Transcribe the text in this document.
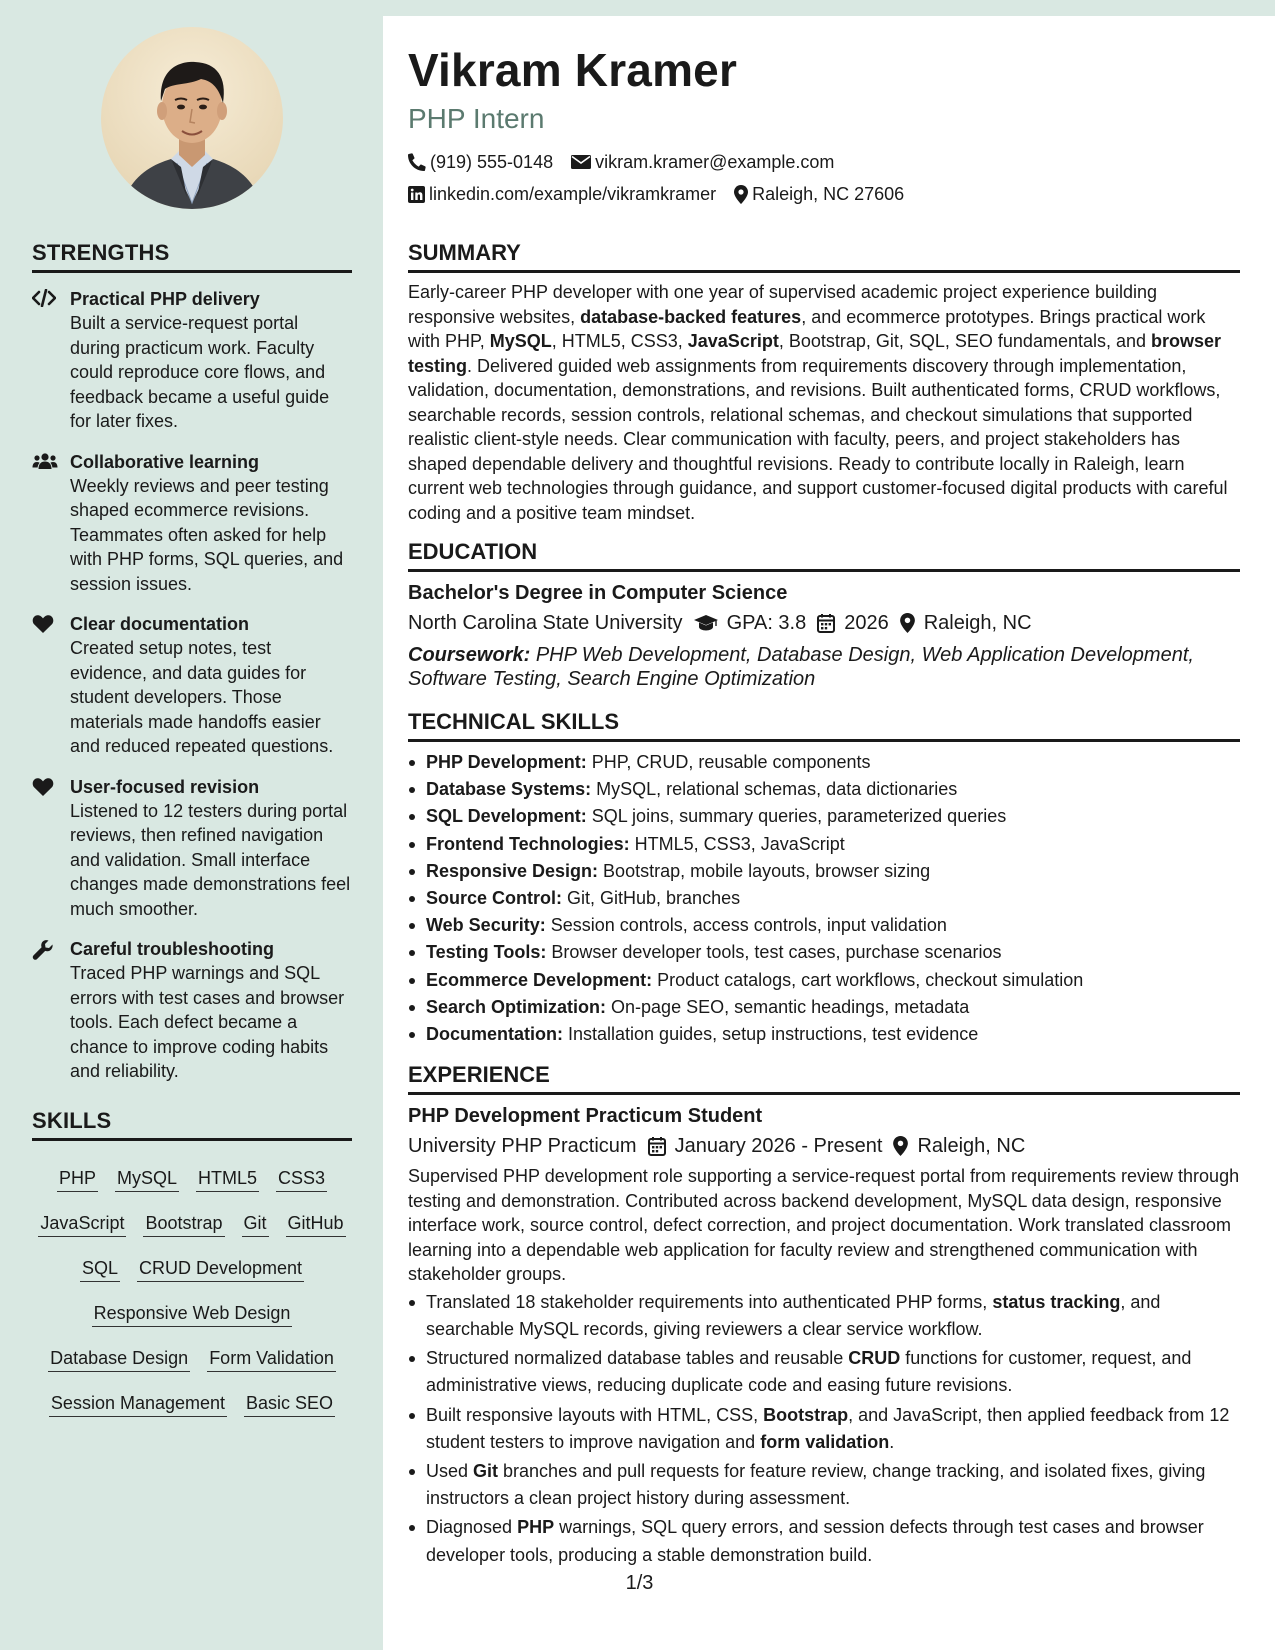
STRENGTHS
Practical PHP delivery
Built a service-request portal during practicum work. Faculty could reproduce core flows, and feedback became a useful guide for later fixes.
Collaborative learning
Weekly reviews and peer testing shaped ecommerce revisions. Teammates often asked for help with PHP forms, SQL queries, and session issues.
Clear documentation
Created setup notes, test evidence, and data guides for student developers. Those materials made handoffs easier and reduced repeated questions.
User-focused revision
Listened to 12 testers during portal reviews, then refined navigation and validation. Small interface changes made demonstrations feel much smoother.
Careful troubleshooting
Traced PHP warnings and SQL errors with test cases and browser tools. Each defect became a chance to improve coding habits and reliability.
SKILLS
PHP MySQL HTML5 CSS3
JavaScript Bootstrap Git GitHub
SQL CRUD Development
Responsive Web Design
Database Design Form Validation
Session Management Basic SEO
Vikram Kramer
PHP Intern
(919) 555-0148 vikram.kramer@example.com
linkedin.com/example/vikramkramer Raleigh, NC 27606
SUMMARY
Early-career PHP developer with one year of supervised academic project experience building responsive websites, database-backed features, and ecommerce prototypes. Brings practical work with PHP, MySQL, HTML5, CSS3, JavaScript, Bootstrap, Git, SQL, SEO fundamentals, and browser testing. Delivered guided web assignments from requirements discovery through implementation, validation, documentation, demonstrations, and revisions. Built authenticated forms, CRUD workflows, searchable records, session controls, relational schemas, and checkout simulations that supported realistic client-style needs. Clear communication with faculty, peers, and project stakeholders has shaped dependable delivery and thoughtful revisions. Ready to contribute locally in Raleigh, learn current web technologies through guidance, and support customer-focused digital products with careful coding and a positive team mindset.
EDUCATION
Bachelor's Degree in Computer Science
North Carolina State University GPA: 3.8 2026 Raleigh, NC
Coursework: PHP Web Development, Database Design, Web Application Development, Software Testing, Search Engine Optimization
TECHNICAL SKILLS
PHP Development: PHP, CRUD, reusable components
Database Systems: MySQL, relational schemas, data dictionaries
SQL Development: SQL joins, summary queries, parameterized queries
Frontend Technologies: HTML5, CSS3, JavaScript
Responsive Design: Bootstrap, mobile layouts, browser sizing
Source Control: Git, GitHub, branches
Web Security: Session controls, access controls, input validation
Testing Tools: Browser developer tools, test cases, purchase scenarios
Ecommerce Development: Product catalogs, cart workflows, checkout simulation
Search Optimization: On-page SEO, semantic headings, metadata
Documentation: Installation guides, setup instructions, test evidence
EXPERIENCE
PHP Development Practicum Student
University PHP Practicum January 2026 - Present Raleigh, NC
Supervised PHP development role supporting a service-request portal from requirements review through testing and demonstration. Contributed across backend development, MySQL data design, responsive interface work, source control, defect correction, and project documentation. Work translated classroom learning into a dependable web application for faculty review and strengthened communication with stakeholder groups.
Translated 18 stakeholder requirements into authenticated PHP forms, status tracking, and searchable MySQL records, giving reviewers a clear service workflow.
Structured normalized database tables and reusable CRUD functions for customer, request, and administrative views, reducing duplicate code and easing future revisions.
Built responsive layouts with HTML, CSS, Bootstrap, and JavaScript, then applied feedback from 12 student testers to improve navigation and form validation.
Used Git branches and pull requests for feature review, change tracking, and isolated fixes, giving instructors a clean project history during assessment.
Diagnosed PHP warnings, SQL query errors, and session defects through test cases and browser developer tools, producing a stable demonstration build.
1/3
